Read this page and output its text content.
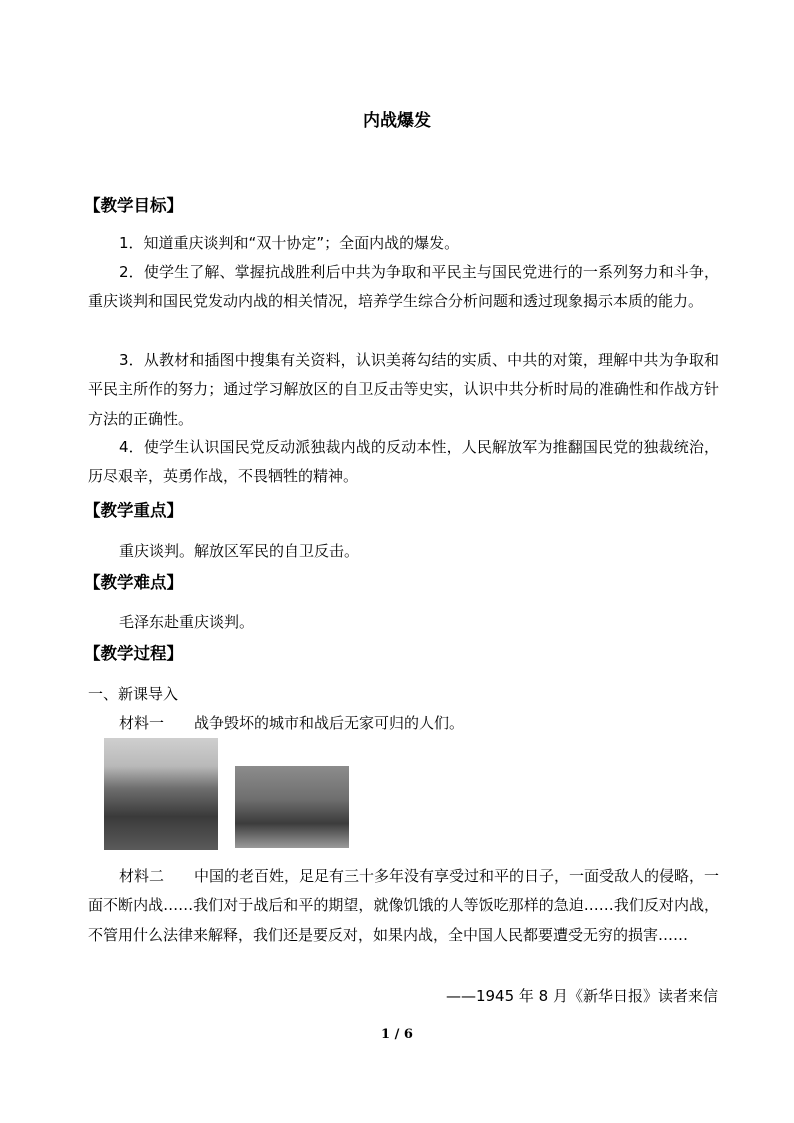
内战爆发
【教学目标】

1．知道重庆谈判和“双十协定”；全面内战的爆发。

2．使学生了解、掌握抗战胜利后中共为争取和平民主与国民党进行的一系列努力和斗争，重庆谈判和国民党发动内战的相关情况，培养学生综合分析问题和透过现象揭示本质的能力。

3．从教材和插图中搜集有关资料，认识美蒋勾结的实质、中共的对策，理解中共为争取和平民主所作的努力；通过学习解放区的自卫反击等史实，认识中共分析时局的准确性和作战方针方法的正确性。

4．使学生认识国民党反动派独裁内战的反动本性，人民解放军为推翻国民党的独裁统治，历尽艰辛，英勇作战，不畏牺牲的精神。

【教学重点】
重庆谈判。解放区军民的自卫反击。
【教学难点】
毛泽东赴重庆谈判。
【教学过程】
一、新课导入
材料一　　战争毁坏的城市和战后无家可归的人们。

材料二　　中国的老百姓，足足有三十多年没有享受过和平的日子，一面受敌人的侵略，一面不断内战……我们对于战后和平的期望，就像饥饿的人等饭吃那样的急迫……我们反对内战，不管用什么法律来解释，我们还是要反对，如果内战，全中国人民都要遭受无穷的损害……

——1945 年 8 月《新华日报》读者来信
1 / 6
